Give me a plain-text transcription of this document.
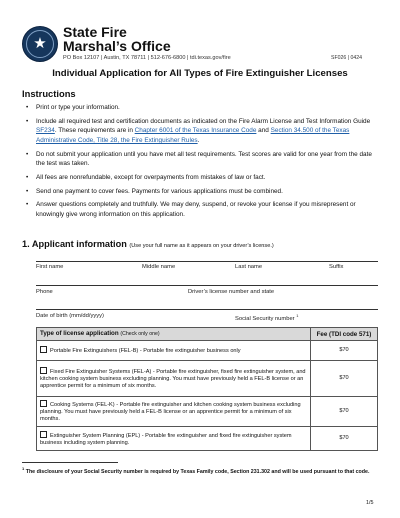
★
State Fire
Marshal’s Office
PO Box 12107 | Austin, TX 78711 | 512-676-6800 | tdi.texas.gov/fire	SF026 | 0424
Individual Application for All Types of Fire Extinguisher Licenses
Instructions
• Print or type your information.
• Include all required test and certification documents as indicated on the Fire Alarm License and Test Information Guide SF234. These requirements are in Chapter 6001 of the Texas Insurance Code and Section 34.500 of the Texas Administrative Code, Title 28, the Fire Extinguisher Rules.
• Do not submit your application until you have met all test requirements. Test scores are valid for one year from the date the test was taken.
• All fees are nonrefundable, except for overpayments from mistakes of law or fact.
• Send one payment to cover fees. Payments for various applications must be combined.
• Answer questions completely and truthfully. We may deny, suspend, or revoke your license if you misrepresent or knowingly give wrong information on this application.
1. Applicant information (Use your full name as it appears on your driver’s license.)
First name	Middle name	Last name	Suffix
Phone	Driver’s license number and state
Date of birth (mm/dd/yyyy)	Social Security number $^1$
Type of license application (Check only one)	Fee (TDI code 571)
Portable Fire Extinguishers (FEL-B) - Portable fire extinguisher business only	$70
Fixed Fire Extinguisher Systems (FEL-A) - Portable fire extinguisher, fixed fire extinguisher system, and kitchen cooking system business excluding planning. You must have previously held a FEL-B license or an apprentice permit for a minimum of six months.	$70
Cooking Systems (FEL-K) - Portable fire extinguisher and kitchen cooking system business excluding planning. You must have previously held a FEL-B license or an apprentice permit for a minimum of six months.	$70
Extinguisher System Planning (EPL) - Portable fire extinguisher and fixed fire extinguisher system business including system planning.	$70
$^1$ The disclosure of your Social Security number is required by Texas Family code, Section 231.302 and will be used pursuant to that code.
1/5
